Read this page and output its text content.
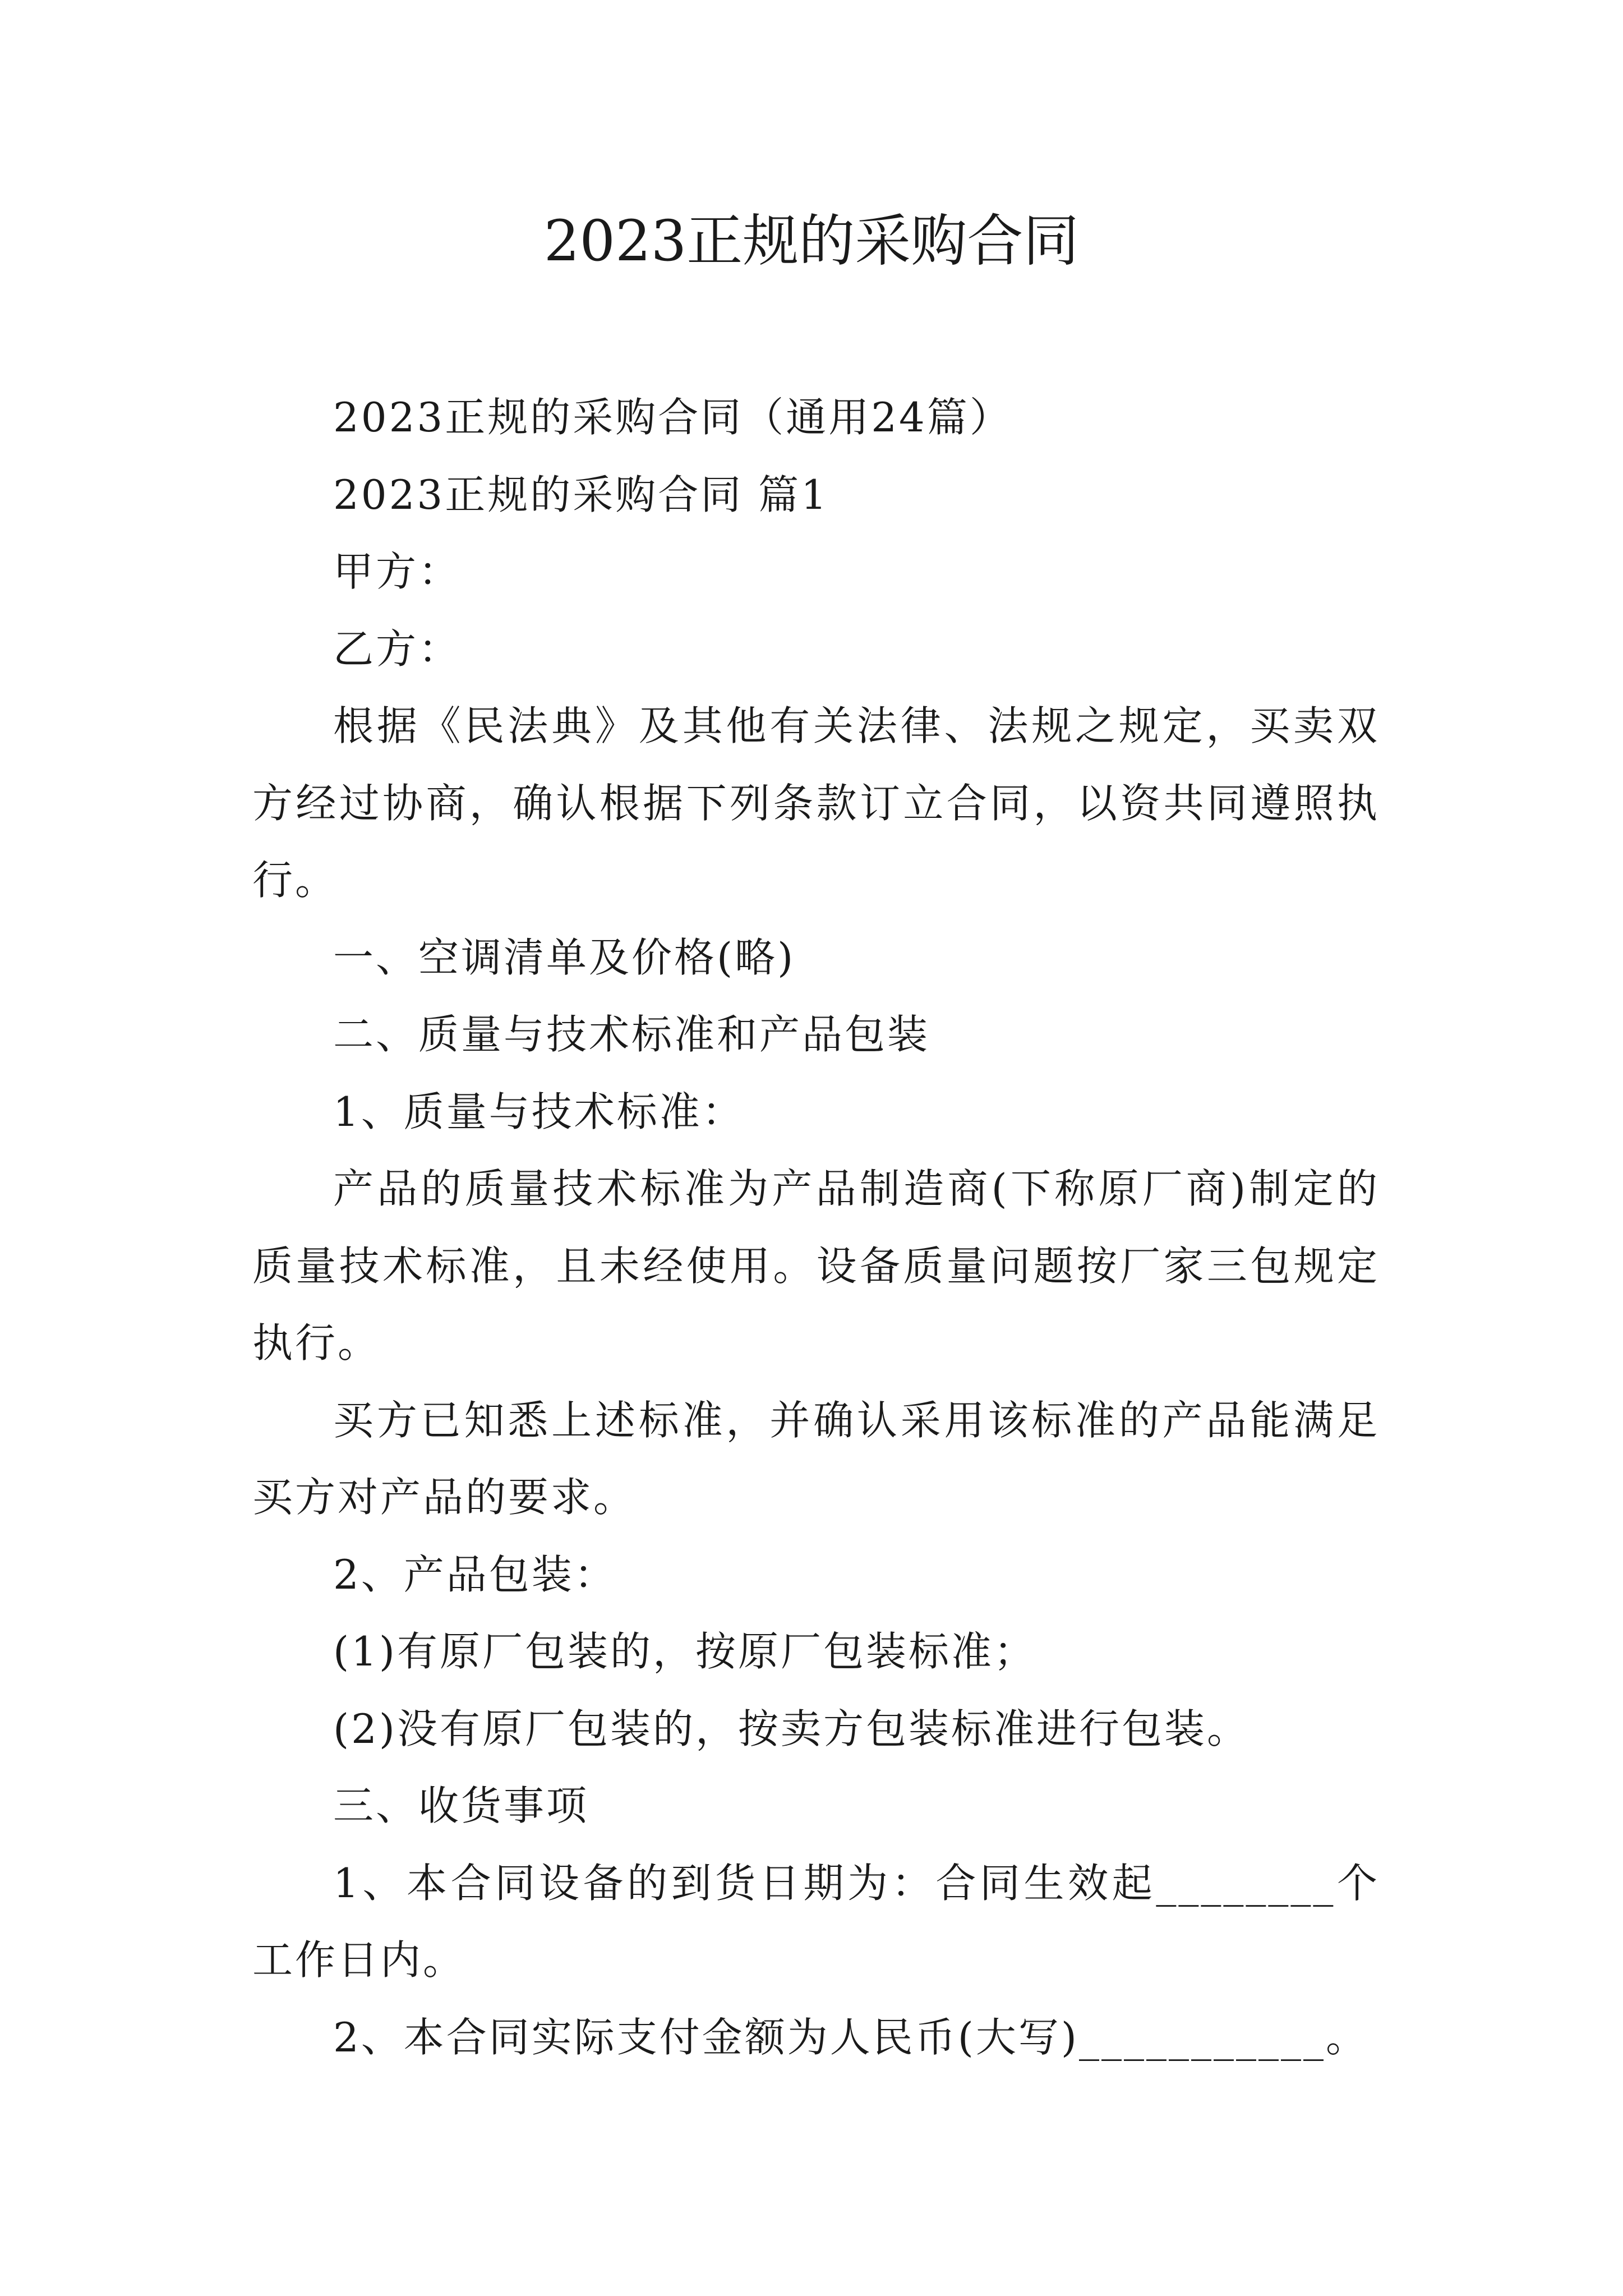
2023正规的采购合同

2023正规的采购合同（通用24篇）

2023正规的采购合同 篇1

甲方：

乙方：

根据《民法典》及其他有关法律、法规之规定，买卖双方经过协商，确认根据下列条款订立合同，以资共同遵照执行。

一、空调清单及价格(略)

二、质量与技术标准和产品包装

1、质量与技术标准：

产品的质量技术标准为产品制造商(下称原厂商)制定的质量技术标准，且未经使用。设备质量问题按厂家三包规定执行。

买方已知悉上述标准，并确认采用该标准的产品能满足买方对产品的要求。

2、产品包装：

(1)有原厂包装的，按原厂包装标准；

(2)没有原厂包装的，按卖方包装标准进行包装。

三、收货事项

1、本合同设备的到货日期为：合同生效起________个工作日内。

2、本合同实际支付金额为人民币(大写)___________。
